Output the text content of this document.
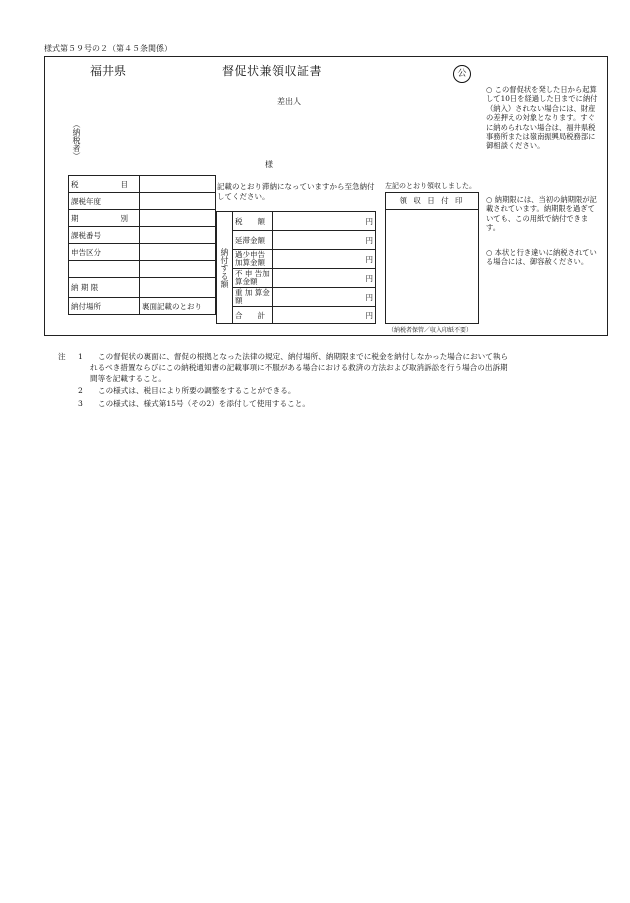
様式第５９号の２（第４５条関係）
福井県	督促状兼領収証書	公
差出人
（納税者）
様
税　　目	
課税年度	
期　　別	
課税番号	
申告区分	

納 期 限	
納付場所	裏面記載のとおり
記載のとおり滞納になっていますから至急納付してください。
納付する額	税　　額	円
	延滞金額	円
	過少申告加算金額	円
	不 申 告加算金額	円
	重 加 算金　　額	円
	合　　計	円
左記のとおり領収しました。
領 収 日 付 印
（納税者保管／収入印紙不要）
○ この督促状を発した日から起算して10日を経過した日までに納付（納入）されない場合には、財産の差押えの対象となります。すぐに納められない場合は、福井県税事務所または嶺南振興局税務部に御相談ください。
○ 納期限には、当初の納期限が記載されています。納期限を過ぎていても、この用紙で納付できます。
○ 本状と行き違いに納税されている場合には、御容赦ください。
注 1	この督促状の裏面に、督促の根拠となった法律の規定、納付場所、納期限までに税金を納付しなかった場合において執られるべき措置ならびにこの納税通知書の記載事項に不服がある場合における救済の方法および取消訴訟を行う場合の出訴期間等を記載すること。
2 この様式は、税目により所要の調整をすることができる。
3 この様式は、様式第15号（その2）を添付して使用すること。
